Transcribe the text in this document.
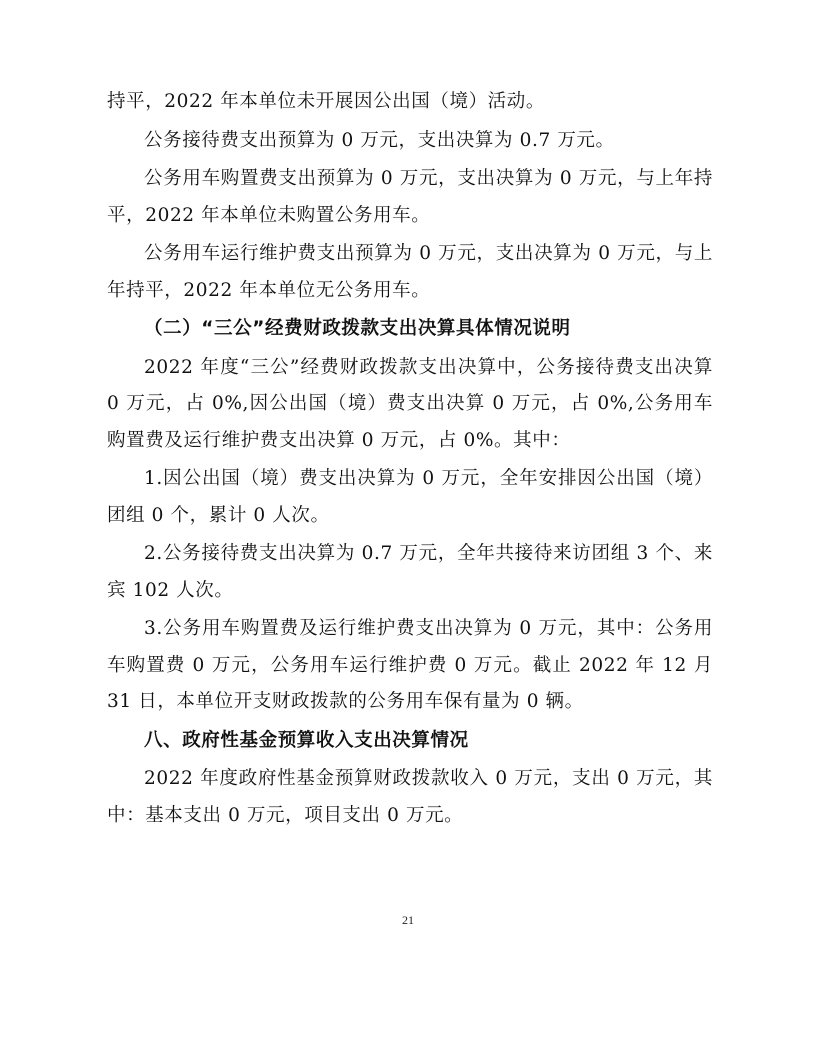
持平，2022 年本单位未开展因公出国（境）活动。

公务接待费支出预算为 0 万元，支出决算为 0.7 万元。

公务用车购置费支出预算为 0 万元，支出决算为 0 万元，与上年持平，2022 年本单位未购置公务用车。

公务用车运行维护费支出预算为 0 万元，支出决算为 0 万元，与上年持平，2022 年本单位无公务用车。

（二）“三公”经费财政拨款支出决算具体情况说明

2022 年度“三公”经费财政拨款支出决算中，公务接待费支出决算 0 万元，占 0%,因公出国（境）费支出决算 0 万元，占 0%,公务用车购置费及运行维护费支出决算 0 万元，占 0%。其中：

1.因公出国（境）费支出决算为 0 万元，全年安排因公出国（境）团组 0 个，累计 0 人次。

2.公务接待费支出决算为 0.7 万元，全年共接待来访团组 3 个、来宾 102 人次。

3.公务用车购置费及运行维护费支出决算为 0 万元，其中：公务用车购置费 0 万元，公务用车运行维护费 0 万元。截止 2022 年 12 月 31 日，本单位开支财政拨款的公务用车保有量为 0 辆。

八、政府性基金预算收入支出决算情况

2022 年度政府性基金预算财政拨款收入 0 万元，支出 0 万元，其中：基本支出 0 万元，项目支出 0 万元。

21
